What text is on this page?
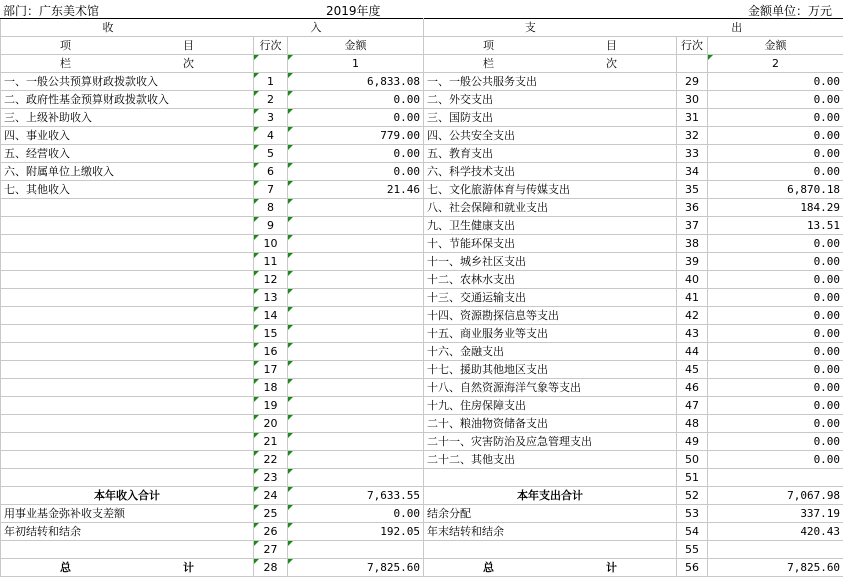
部门：广东美术馆	2019年度	金额单位：万元
收 入			支 出		

项 目	行次	金额	项 目	行次	金额

栏 次		1	栏 次		2
一、一般公共预算财政拨款收入	1	6,833.08	一、一般公共服务支出	29	0.00
二、政府性基金预算财政拨款收入	2	0.00	二、外交支出	30	0.00
三、上级补助收入	3	0.00	三、国防支出	31	0.00
四、事业收入	4	779.00	四、公共安全支出	32	0.00
五、经营收入	5	0.00	五、教育支出	33	0.00
六、附属单位上缴收入	6	0.00	六、科学技术支出	34	0.00
七、其他收入	7	21.46	七、文化旅游体育与传媒支出	35	6,870.18
	8		八、社会保障和就业支出	36	184.29
	9		九、卫生健康支出	37	13.51
	10		十、节能环保支出	38	0.00
	11		十一、城乡社区支出	39	0.00
	12		十二、农林水支出	40	0.00
	13		十三、交通运输支出	41	0.00
	14		十四、资源勘探信息等支出	42	0.00
	15		十五、商业服务业等支出	43	0.00
	16		十六、金融支出	44	0.00
	17		十七、援助其他地区支出	45	0.00
	18		十八、自然资源海洋气象等支出	46	0.00
	19		十九、住房保障支出	47	0.00
	20		二十、粮油物资储备支出	48	0.00
	21		二十一、灾害防治及应急管理支出	49	0.00
	22		二十二、其他支出	50	0.00
	23			51	
本年收入合计	24	7,633.55	本年支出合计	52	7,067.98
用事业基金弥补收支差额	25	0.00	结余分配	53	337.19
年初结转和结余	26	192.05	年末结转和结余	54	420.43
	27			55	

总 计	28	7,825.60	总 计	56	7,825.60
